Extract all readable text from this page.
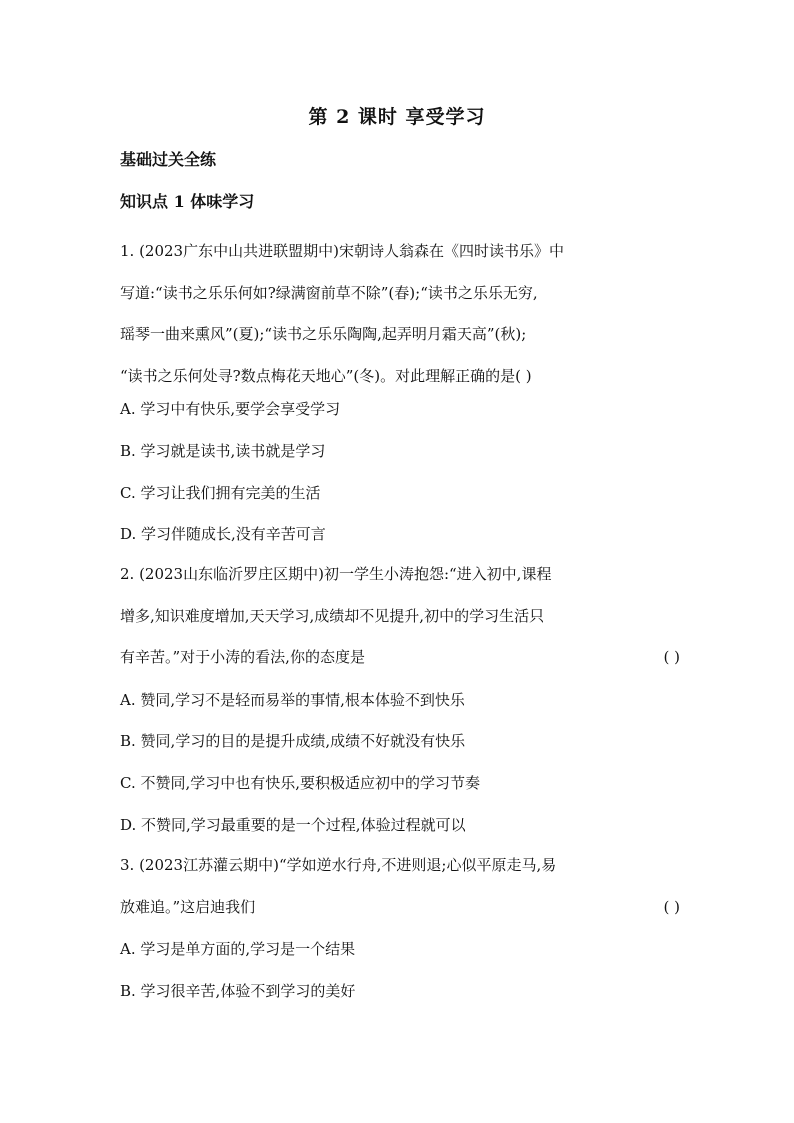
第 2 课时 享受学习
基础过关全练
知识点 1 体味学习
1. (2023广东中山共进联盟期中)宋朝诗人翁森在《四时读书乐》中
写道:“读书之乐乐何如?绿满窗前草不除”(春);“读书之乐乐无穷,
瑶琴一曲来熏风”(夏);“读书之乐乐陶陶,起弄明月霜天高”(秋);
“读书之乐何处寻?数点梅花天地心”(冬)。对此理解正确的是( )
A. 学习中有快乐,要学会享受学习
B. 学习就是读书,读书就是学习
C. 学习让我们拥有完美的生活
D. 学习伴随成长,没有辛苦可言
2. (2023山东临沂罗庄区期中)初一学生小涛抱怨:“进入初中,课程
增多,知识难度增加,天天学习,成绩却不见提升,初中的学习生活只
有辛苦。”对于小涛的看法,你的态度是	( )
A. 赞同,学习不是轻而易举的事情,根本体验不到快乐
B. 赞同,学习的目的是提升成绩,成绩不好就没有快乐
C. 不赞同,学习中也有快乐,要积极适应初中的学习节奏
D. 不赞同,学习最重要的是一个过程,体验过程就可以
3. (2023江苏灌云期中)“学如逆水行舟,不进则退;心似平原走马,易
放难追。”这启迪我们	( )
A. 学习是单方面的,学习是一个结果
B. 学习很辛苦,体验不到学习的美好
